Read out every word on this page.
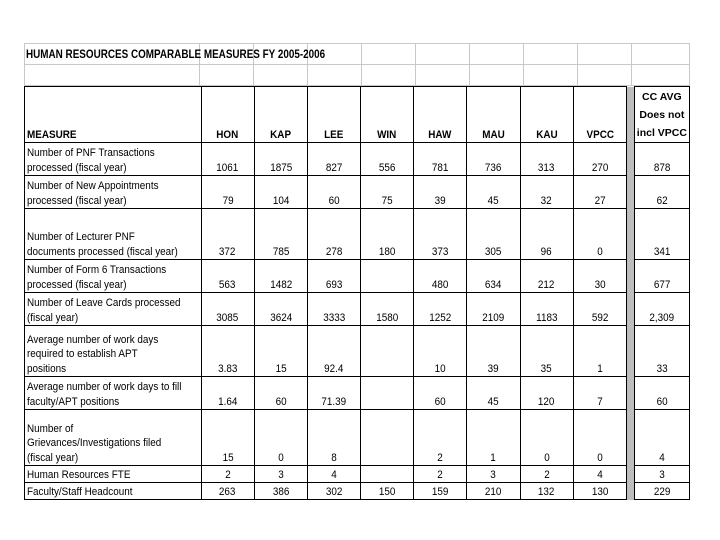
HUMAN RESOURCES COMPARABLE MEASURES FY 2005-2006
MEASURE	HON	KAP	LEE	WIN	HAW	MAU	KAU	VPCC		CC AVG
Does not
incl VPCC

Number of PNF Transactions
processed (fiscal year)	1061	1875	827	556	781	736	313	270		878

Number of New Appointments
processed (fiscal year)	79	104	60	75	39	45	32	27		62

Number of Lecturer PNF
documents processed (fiscal year)	372	785	278	180	373	305	96	0		341

Number of Form 6 Transactions
processed (fiscal year)	563	1482	693		480	634	212	30		677

Number of Leave Cards processed
(fiscal year)	3085	3624	3333	1580	1252	2109	1183	592		2,309

Average number of work days
required to establish APT
positions	3.83	15	92.4		10	39	35	1		33

Average number of work days to fill
faculty/APT positions	1.64	60	71.39		60	45	120	7		60

Number of
Grievances/Investigations filed
(fiscal year)	15	0	8		2	1	0	0		4

Human Resources FTE	2	3	4		2	3	2	4		3

Faculty/Staff Headcount	263	386	302	150	159	210	132	130		229
